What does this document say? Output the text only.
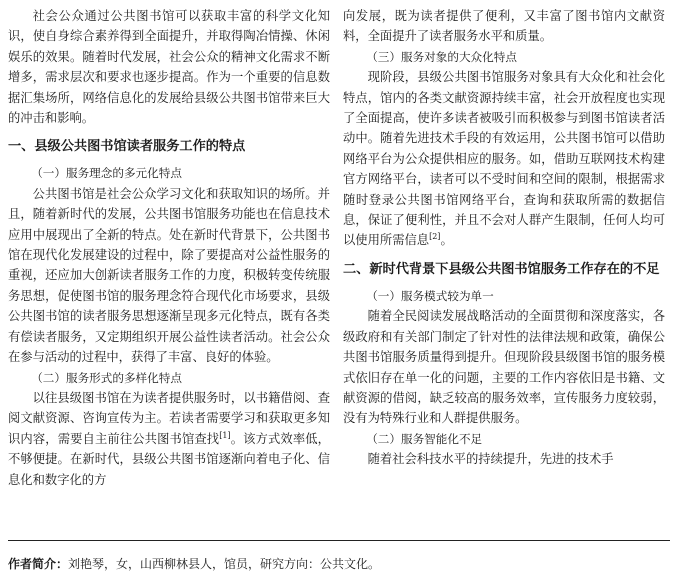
社会公众通过公共图书馆可以获取丰富的科学文化知识，使自身综合素养得到全面提升，并取得陶冶情操、休闲娱乐的效果。随着时代发展，社会公众的精神文化需求不断增多，需求层次和要求也逐步提高。作为一个重要的信息数据汇集场所，网络信息化的发展给县级公共图书馆带来巨大的冲击和影响。

一、县级公共图书馆读者服务工作的特点
（一）服务理念的多元化特点

公共图书馆是社会公众学习文化和获取知识的场所。并且，随着新时代的发展，公共图书馆服务功能也在信息技术应用中展现出了全新的特点。处在新时代背景下，公共图书馆在现代化发展建设的过程中，除了要提高对公益性服务的重视，还应加大创新读者服务工作的力度，积极转变传统服务思想，促使图书馆的服务理念符合现代化市场要求，县级公共图书馆的读者服务思想逐渐呈现多元化特点，既有各类有偿读者服务，又定期组织开展公益性读者活动。社会公众在参与活动的过程中，获得了丰富、良好的体验。

（二）服务形式的多样化特点

以往县级图书馆在为读者提供服务时，以书籍借阅、查阅文献资源、咨询宣传为主。若读者需要学习和获取更多知识内容，需要自主前往公共图书馆查找[1]。该方式效率低，不够便捷。在新时代，县级公共图书馆逐渐向着电子化、信息化和数字化的方

向发展，既为读者提供了便利，又丰富了图书馆内文献资料，全面提升了读者服务水平和质量。

（三）服务对象的大众化特点

现阶段，县级公共图书馆服务对象具有大众化和社会化特点，馆内的各类文献资源持续丰富，社会开放程度也实现了全面提高，使许多读者被吸引而积极参与到图书馆读者活动中。随着先进技术手段的有效运用，公共图书馆可以借助网络平台为公众提供相应的服务。如，借助互联网技术构建官方网络平台，读者可以不受时间和空间的限制，根据需求随时登录公共图书馆网络平台，查询和获取所需的数据信息，保证了便利性，并且不会对人群产生限制，任何人均可以使用所需信息[2]。

二、新时代背景下县级公共图书馆服务工作存在的不足
（一）服务模式较为单一

随着全民阅读发展战略活动的全面贯彻和深度落实，各级政府和有关部门制定了针对性的法律法规和政策，确保公共图书馆服务质量得到提升。但现阶段县级图书馆的服务模式依旧存在单一化的问题，主要的工作内容依旧是书籍、文献资源的借阅，缺乏较高的服务效率，宣传服务力度较弱，没有为特殊行业和人群提供服务。

（二）服务智能化不足

随着社会科技水平的持续提升，先进的技术手

作者简介：刘艳琴，女，山西柳林县人，馆员，研究方向：公共文化。
